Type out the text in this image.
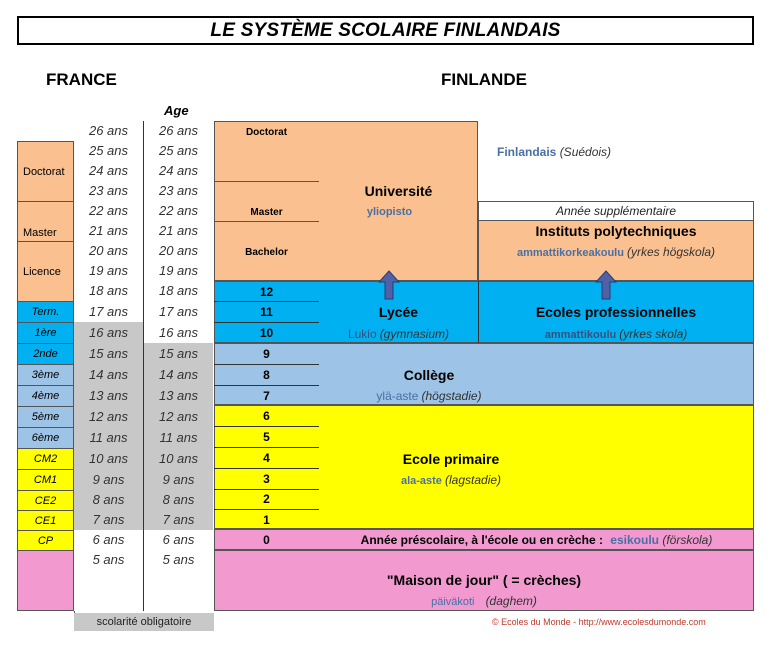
LE SYSTÈME SCOLAIRE FINLANDAIS
FRANCE	FINLANDE
Age
Doctorat
Master
Bachelor
12
11
10
9
8
7
6
5
4
3
2
1
0
Université
yliopisto
Finlandais (Suédois)
Année supplémentaire
Instituts polytechniques
ammattikorkeakoulu (yrkes högskola)
Lycée
Lukio (gymnasium)
Ecoles professionnelles
ammattikoulu (yrkes skola)
Collège
ylä-aste (högstadie)
Ecole primaire
ala-aste (lagstadie)
Année préscolaire, à l'école ou en crèche : esikoulu (förskola)
"Maison de jour" ( = crèches)
päiväkoti (daghem)
Doctorat
Master
Licence
Term.
1ère
2nde
3ème
4ème
5ème
6ème
CM2
CM1
CE2
CE1
CP
26 ans
25 ans
24 ans
23 ans
22 ans
21 ans
20 ans
19 ans
18 ans
17 ans
16 ans
15 ans
14 ans
13 ans
12 ans
11 ans
10 ans
9 ans
8 ans
7 ans
6 ans
5 ans
26 ans
25 ans
24 ans
23 ans
22 ans
21 ans
20 ans
19 ans
18 ans
17 ans
16 ans
15 ans
14 ans
13 ans
12 ans
11 ans
10 ans
9 ans
8 ans
7 ans
6 ans
5 ans
scolarité obligatoire	© Ecoles du Monde - http://www.ecolesdumonde.com
